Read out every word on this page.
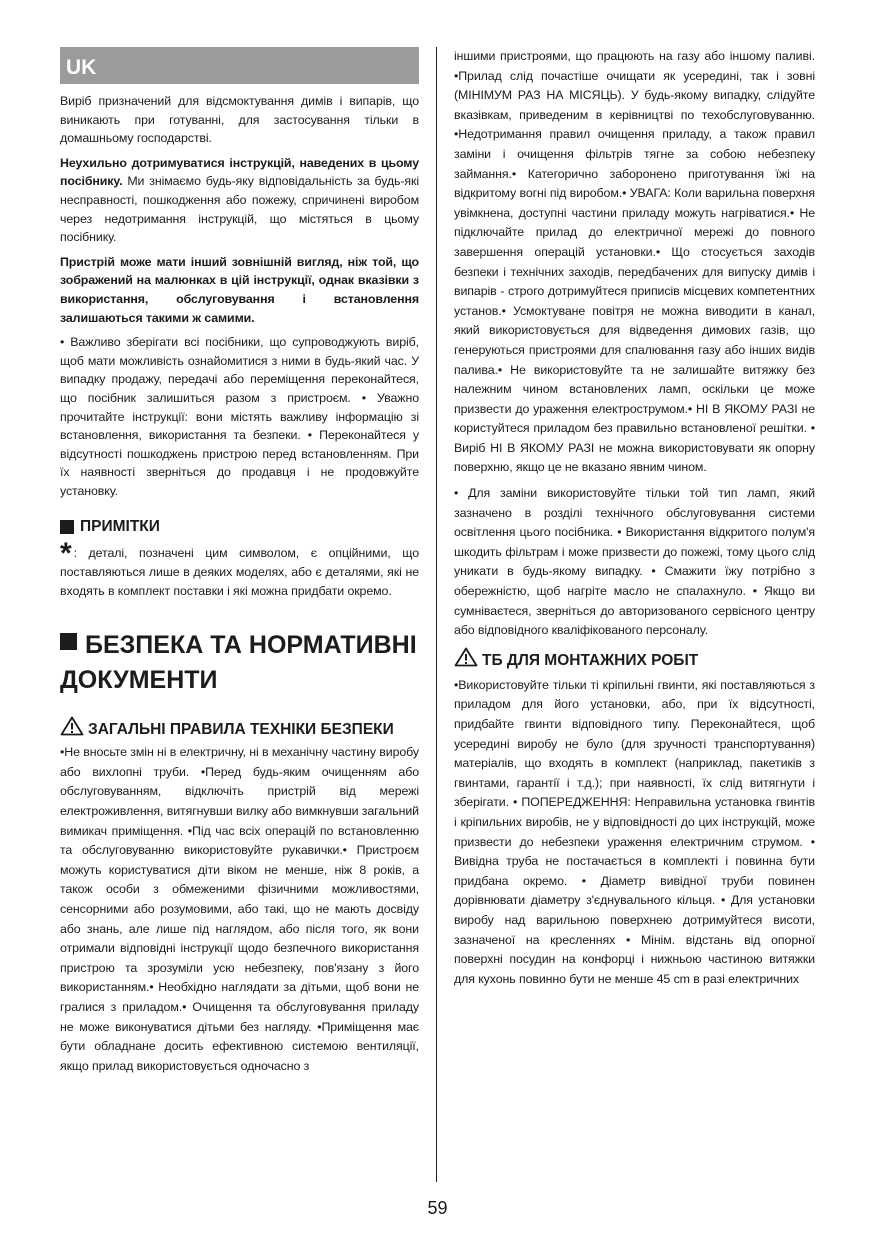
UK

Виріб призначений для відсмоктування димів і випарів, що виникають при готуванні, для застосування тільки в домашньому господарстві.

Неухильно дотримуватися інструкцій, наведених в цьому посібнику. Ми знімаємо будь-яку відповідальність за будь-які несправності, пошкодження або пожежу, спричинені виробом через недотримання інструкцій, що містяться в цьому посібнику.

Пристрій може мати інший зовнішній вигляд, ніж той, що зображений на малюнках в цій інструкції, однак вказівки з використання, обслуговування і встановлення залишаються такими ж самими.

• Важливо зберігати всі посібники, що супроводжують виріб, щоб мати можливість ознайомитися з ними в будь-який час. У випадку продажу, передачі або переміщення переконайтеся, що посібник залишиться разом з пристроєм. • Уважно прочитайте інструкції: вони містять важливу інформацію зі встановлення, використання та безпеки. • Переконайтеся у відсутності пошкоджень пристрою перед встановленням. При їх наявності зверніться до продавця і не продовжуйте установку.

ПРИМІТКИ

* : деталі, позначені цим символом, є опційними, що поставляються лише в деяких моделях, або є деталями, які не входять в комплект поставки і які можна придбати окремо.

БЕЗПЕКА ТА НОРМАТИВНІ ДОКУМЕНТИ
ЗАГАЛЬНІ ПРАВИЛА ТЕХНІКИ БЕЗПЕКИ

•Не вносьте змін ні в електричну, ні в механічну частину виробу або вихлопні труби. •Перед будь-яким очищенням або обслуговуванням, відключіть пристрій від мережі електроживлення, витягнувши вилку або вимкнувши загальний вимикач приміщення. •Під час всіх операцій по встановленню та обслуговуванню використовуйте рукавички.• Пристроєм можуть користуватися діти віком не менше, ніж 8 років, а також особи з обмеженими фізичними можливостями, сенсорними або розумовими, або такі, що не мають досвіду або знань, але лише під наглядом, або після того, як вони отримали відповідні інструкції щодо безпечного використання пристрою та зрозуміли усю небезпеку, пов'язану з його використанням.• Необхідно наглядати за дітьми, щоб вони не гралися з приладом.• Очищення та обслуговування приладу не може виконуватися дітьми без нагляду. •Приміщення має бути обладнане досить ефективною системою вентиляції, якщо прилад використовується одночасно з

іншими пристроями, що працюють на газу або іншому паливі. •Прилад слід почастіше очищати як усередині, так і зовні (МІНІМУМ РАЗ НА МІСЯЦЬ). У будь-якому випадку, слідуйте вказівкам, приведеним в керівництві по техобслуговуванню. •Недотримання правил очищення приладу, а також правил заміни і очищення фільтрів тягне за собою небезпеку займання.• Категорично заборонено приготування їжі на відкритому вогні під виробом.• УВАГА: Коли варильна поверхня увімкнена, доступні частини приладу можуть нагріватися.• Не підключайте прилад до електричної мережі до повного завершення операцій установки.• Що стосується заходів безпеки і технічних заходів, передбачених для випуску димів і випарів - строго дотримуйтеся приписів місцевих компетентних установ.• Усмоктуване повітря не можна виводити в канал, який використовується для відведення димових газів, що генеруються пристроями для спалювання газу або інших видів палива.• Не використовуйте та не залишайте витяжку без належним чином встановлених ламп, оскільки це може призвести до ураження електрострумом.• НІ В ЯКОМУ РАЗІ не користуйтеся приладом без правильно встановленої решітки. • Виріб НІ В ЯКОМУ РАЗІ не можна використовувати як опорну поверхню, якщо це не вказано явним чином.

• Для заміни використовуйте тільки той тип ламп, який зазначено в розділі технічного обслуговування системи освітлення цього посібника. • Використання відкритого полум'я шкодить фільтрам і може призвести до пожежі, тому цього слід уникати в будь-якому випадку. • Смажити їжу потрібно з обережністю, щоб нагріте масло не спалахнуло. • Якщо ви сумніваєтеся, зверніться до авторизованого сервісного центру або відповідного кваліфікованого персоналу.

ТБ ДЛЯ МОНТАЖНИХ РОБІТ

•Використовуйте тільки ті кріпильні гвинти, які поставляються з приладом для його установки, або, при їх відсутності, придбайте гвинти відповідного типу. Переконайтеся, щоб усередині виробу не було (для зручності транспортування) матеріалів, що входять в комплект (наприклад, пакетиків з гвинтами, гарантії і т.д.); при наявності, їх слід витягнути і зберігати. • ПОПЕРЕДЖЕННЯ: Неправильна установка гвинтів і кріпильних виробів, не у відповідності до цих інструкцій, може призвести до небезпеки ураження електричним струмом. • Вивідна труба не постачається в комплекті і повинна бути придбана окремо. • Діаметр вивідної труби повинен дорівнювати діаметру з'єднувального кільця. • Для установки виробу над варильною поверхнею дотримуйтеся висоти, зазначеної на кресленнях • Мінім. відстань від опорної поверхні посудин на конфорці і нижньою частиною витяжки для кухонь повинно бути не менше 45 cm в разі електричних

59
